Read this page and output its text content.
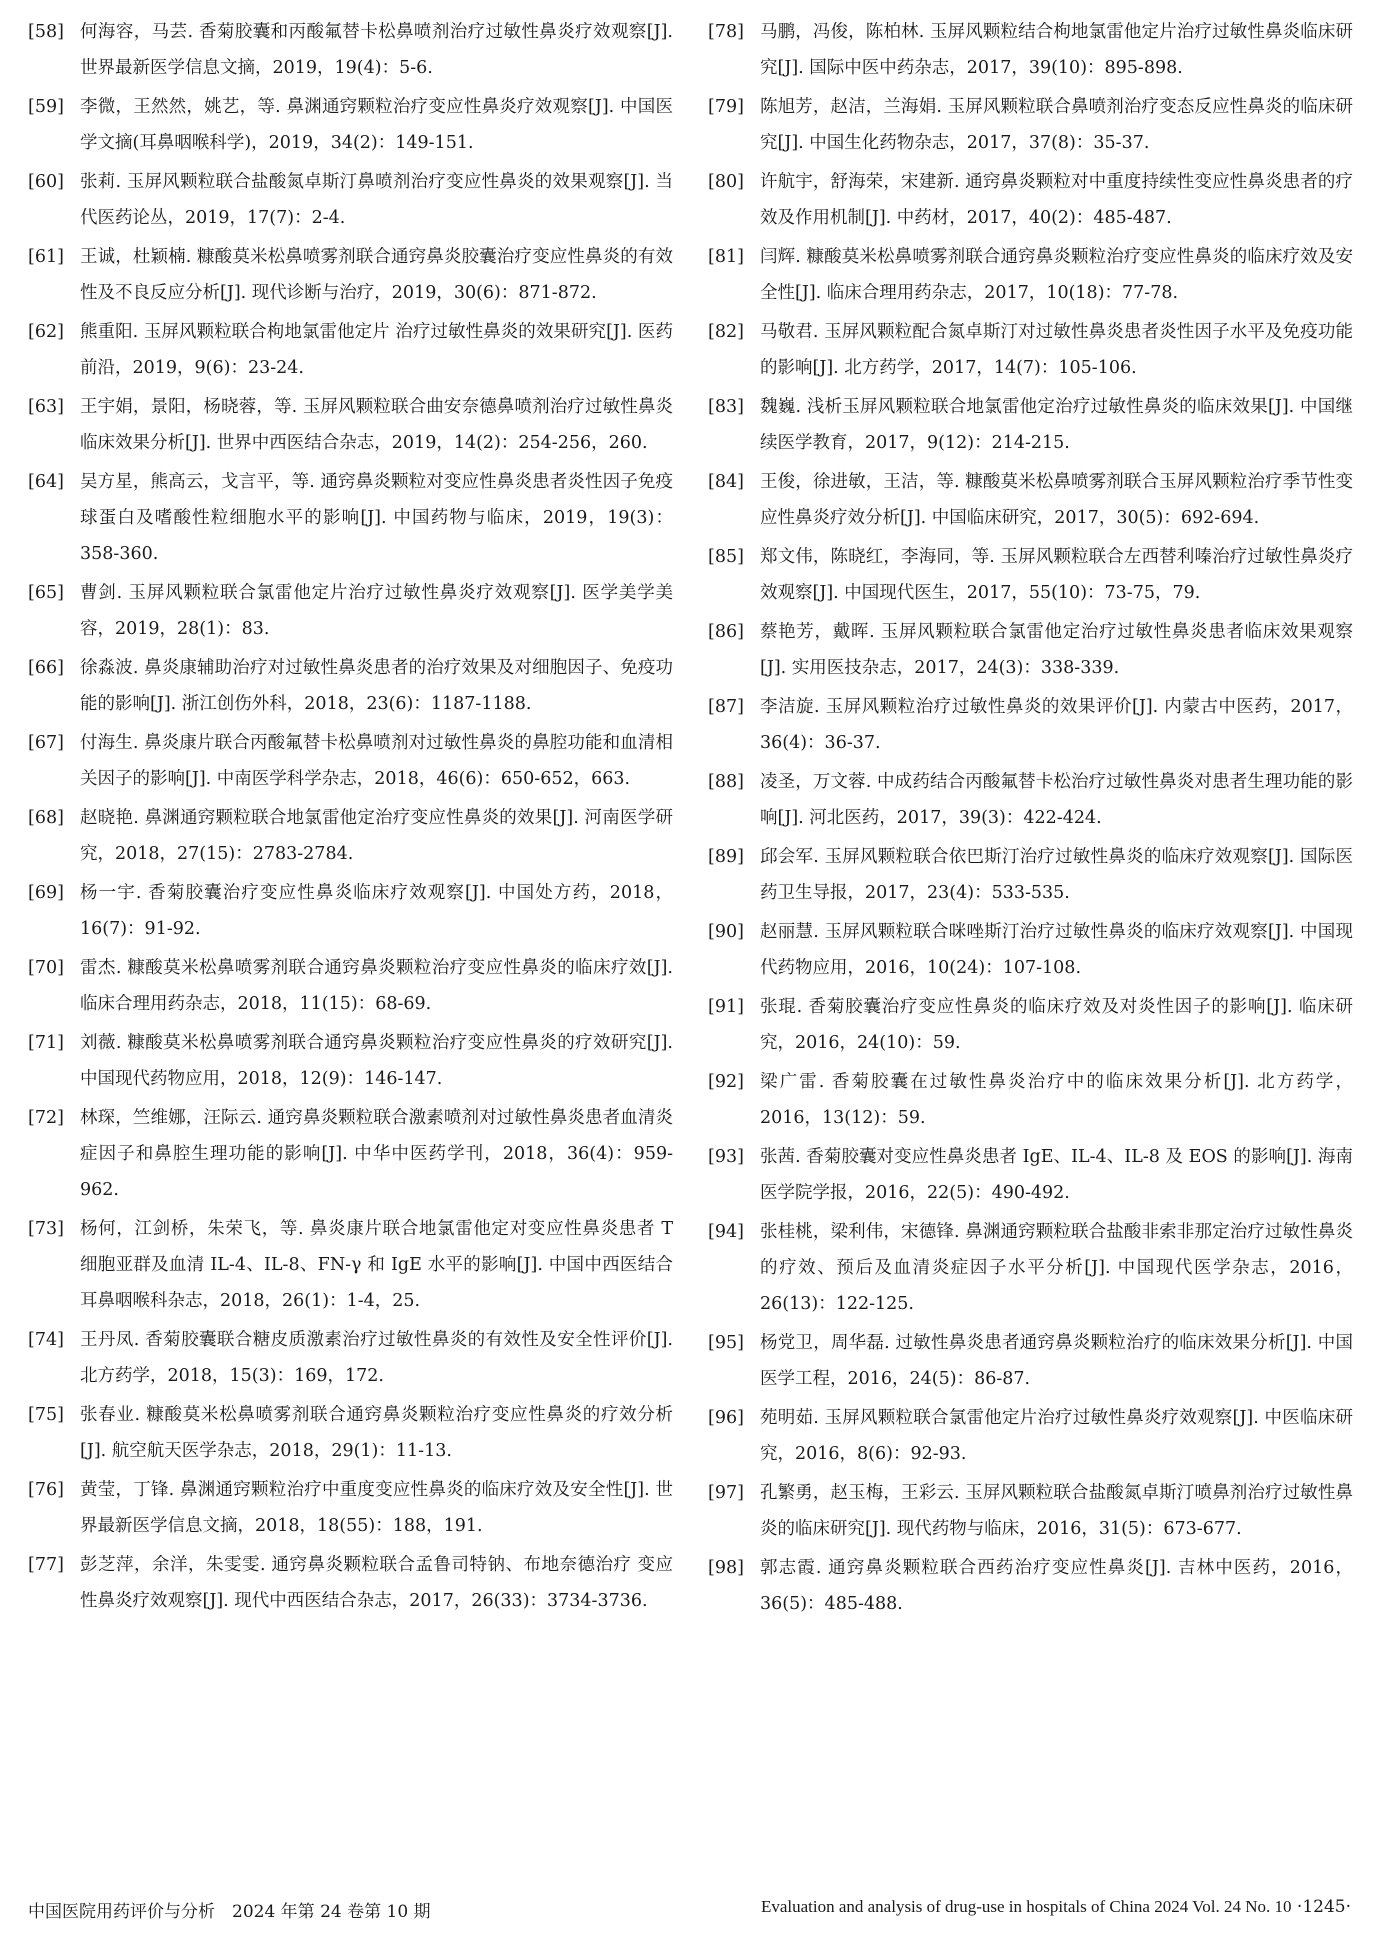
[58] 何海容，马芸. 香菊胶囊和丙酸氟替卡松鼻喷剂治疗过敏性鼻炎疗效观察[J]. 世界最新医学信息文摘，2019，19(4)：5-6.
[59] 李微，王然然，姚艺，等. 鼻渊通窍颗粒治疗变应性鼻炎疗效观察[J]. 中国医学文摘(耳鼻咽喉科学)，2019，34(2)：149-151.
[60] 张莉. 玉屏风颗粒联合盐酸氮卓斯汀鼻喷剂治疗变应性鼻炎的效果观察[J]. 当代医药论丛，2019，17(7)：2-4.
[61] 王诚，杜颖楠. 糠酸莫米松鼻喷雾剂联合通窍鼻炎胶囊治疗变应性鼻炎的有效性及不良反应分析[J]. 现代诊断与治疗，2019，30(6)：871-872.
[62] 熊重阳. 玉屏风颗粒联合枸地氯雷他定片 治疗过敏性鼻炎的效果研究[J]. 医药前沿，2019，9(6)：23-24.
[63] 王宇娟，景阳，杨晓蓉，等. 玉屏风颗粒联合曲安奈德鼻喷剂治疗过敏性鼻炎临床效果分析[J]. 世界中西医结合杂志，2019，14(2)：254-256，260.
[64] 吴方星，熊高云，戈言平，等. 通窍鼻炎颗粒对变应性鼻炎患者炎性因子免疫球蛋白及嗜酸性粒细胞水平的影响[J]. 中国药物与临床，2019，19(3)：358-360.
[65] 曹剑. 玉屏风颗粒联合氯雷他定片治疗过敏性鼻炎疗效观察[J]. 医学美学美容，2019，28(1)：83.
[66] 徐淼波. 鼻炎康辅助治疗对过敏性鼻炎患者的治疗效果及对细胞因子、免疫功能的影响[J]. 浙江创伤外科，2018，23(6)：1187-1188.
[67] 付海生. 鼻炎康片联合丙酸氟替卡松鼻喷剂对过敏性鼻炎的鼻腔功能和血清相关因子的影响[J]. 中南医学科学杂志，2018，46(6)：650-652，663.
[68] 赵晓艳. 鼻渊通窍颗粒联合地氯雷他定治疗变应性鼻炎的效果[J]. 河南医学研究，2018，27(15)：2783-2784.
[69] 杨一宇. 香菊胶囊治疗变应性鼻炎临床疗效观察[J]. 中国处方药，2018，16(7)：91-92.
[70] 雷杰. 糠酸莫米松鼻喷雾剂联合通窍鼻炎颗粒治疗变应性鼻炎的临床疗效[J]. 临床合理用药杂志，2018，11(15)：68-69.
[71] 刘薇. 糠酸莫米松鼻喷雾剂联合通窍鼻炎颗粒治疗变应性鼻炎的疗效研究[J]. 中国现代药物应用，2018，12(9)：146-147.
[72] 林琛，竺维娜，汪际云. 通窍鼻炎颗粒联合激素喷剂对过敏性鼻炎患者血清炎症因子和鼻腔生理功能的影响[J]. 中华中医药学刊，2018，36(4)：959-962.
[73] 杨何，江剑桥，朱荣飞，等. 鼻炎康片联合地氯雷他定对变应性鼻炎患者 T 细胞亚群及血清 IL-4、IL-8、FN-γ 和 IgE 水平的影响[J]. 中国中西医结合耳鼻咽喉科杂志，2018，26(1)：1-4，25.
[74] 王丹凤. 香菊胶囊联合糖皮质激素治疗过敏性鼻炎的有效性及安全性评价[J]. 北方药学，2018，15(3)：169，172.
[75] 张春业. 糠酸莫米松鼻喷雾剂联合通窍鼻炎颗粒治疗变应性鼻炎的疗效分析[J]. 航空航天医学杂志，2018，29(1)：11-13.
[76] 黄莹，丁锋. 鼻渊通窍颗粒治疗中重度变应性鼻炎的临床疗效及安全性[J]. 世界最新医学信息文摘，2018，18(55)：188，191.
[77] 彭芝萍，余洋，朱雯雯. 通窍鼻炎颗粒联合孟鲁司特钠、布地奈德治疗 变应性鼻炎疗效观察[J]. 现代中西医结合杂志，2017，26(33)：3734-3736.
[78] 马鹏，冯俊，陈柏林. 玉屏风颗粒结合枸地氯雷他定片治疗过敏性鼻炎临床研究[J]. 国际中医中药杂志，2017，39(10)：895-898.
[79] 陈旭芳，赵洁，兰海娟. 玉屏风颗粒联合鼻喷剂治疗变态反应性鼻炎的临床研究[J]. 中国生化药物杂志，2017，37(8)：35-37.
[80] 许航宇，舒海荣，宋建新. 通窍鼻炎颗粒对中重度持续性变应性鼻炎患者的疗效及作用机制[J]. 中药材，2017，40(2)：485-487.
[81] 闫辉. 糠酸莫米松鼻喷雾剂联合通窍鼻炎颗粒治疗变应性鼻炎的临床疗效及安全性[J]. 临床合理用药杂志，2017，10(18)：77-78.
[82] 马敬君. 玉屏风颗粒配合氮卓斯汀对过敏性鼻炎患者炎性因子水平及免疫功能的影响[J]. 北方药学，2017，14(7)：105-106.
[83] 魏巍. 浅析玉屏风颗粒联合地氯雷他定治疗过敏性鼻炎的临床效果[J]. 中国继续医学教育，2017，9(12)：214-215.
[84] 王俊，徐进敏，王洁，等. 糠酸莫米松鼻喷雾剂联合玉屏风颗粒治疗季节性变应性鼻炎疗效分析[J]. 中国临床研究，2017，30(5)：692-694.
[85] 郑文伟，陈晓红，李海同，等. 玉屏风颗粒联合左西替利嗪治疗过敏性鼻炎疗效观察[J]. 中国现代医生，2017，55(10)：73-75，79.
[86] 蔡艳芳，戴晖. 玉屏风颗粒联合氯雷他定治疗过敏性鼻炎患者临床效果观察[J]. 实用医技杂志，2017，24(3)：338-339.
[87] 李洁旋. 玉屏风颗粒治疗过敏性鼻炎的效果评价[J]. 内蒙古中医药，2017，36(4)：36-37.
[88] 凌圣，万文蓉. 中成药结合丙酸氟替卡松治疗过敏性鼻炎对患者生理功能的影响[J]. 河北医药，2017，39(3)：422-424.
[89] 邱会军. 玉屏风颗粒联合依巴斯汀治疗过敏性鼻炎的临床疗效观察[J]. 国际医药卫生导报，2017，23(4)：533-535.
[90] 赵丽慧. 玉屏风颗粒联合咪唑斯汀治疗过敏性鼻炎的临床疗效观察[J]. 中国现代药物应用，2016，10(24)：107-108.
[91] 张琨. 香菊胶囊治疗变应性鼻炎的临床疗效及对炎性因子的影响[J]. 临床研究，2016，24(10)：59.
[92] 梁广雷. 香菊胶囊在过敏性鼻炎治疗中的临床效果分析[J]. 北方药学，2016，13(12)：59.
[93] 张茜. 香菊胶囊对变应性鼻炎患者 IgE、IL-4、IL-8 及 EOS 的影响[J]. 海南医学院学报，2016，22(5)：490-492.
[94] 张桂桃，梁利伟，宋德锋. 鼻渊通窍颗粒联合盐酸非索非那定治疗过敏性鼻炎的疗效、预后及血清炎症因子水平分析[J]. 中国现代医学杂志，2016，26(13)：122-125.
[95] 杨党卫，周华磊. 过敏性鼻炎患者通窍鼻炎颗粒治疗的临床效果分析[J]. 中国医学工程，2016，24(5)：86-87.
[96] 苑明茹. 玉屏风颗粒联合氯雷他定片治疗过敏性鼻炎疗效观察[J]. 中医临床研究，2016，8(6)：92-93.
[97] 孔繁勇，赵玉梅，王彩云. 玉屏风颗粒联合盐酸氮卓斯汀喷鼻剂治疗过敏性鼻炎的临床研究[J]. 现代药物与临床，2016，31(5)：673-677.
[98] 郭志霞. 通窍鼻炎颗粒联合西药治疗变应性鼻炎[J]. 吉林中医药，2016，36(5)：485-488.
中国医院用药评价与分析　2024 年第 24 卷第 10 期	Evaluation and analysis of drug-use in hospitals of China 2024 Vol. 24 No. 10 ·1245·
